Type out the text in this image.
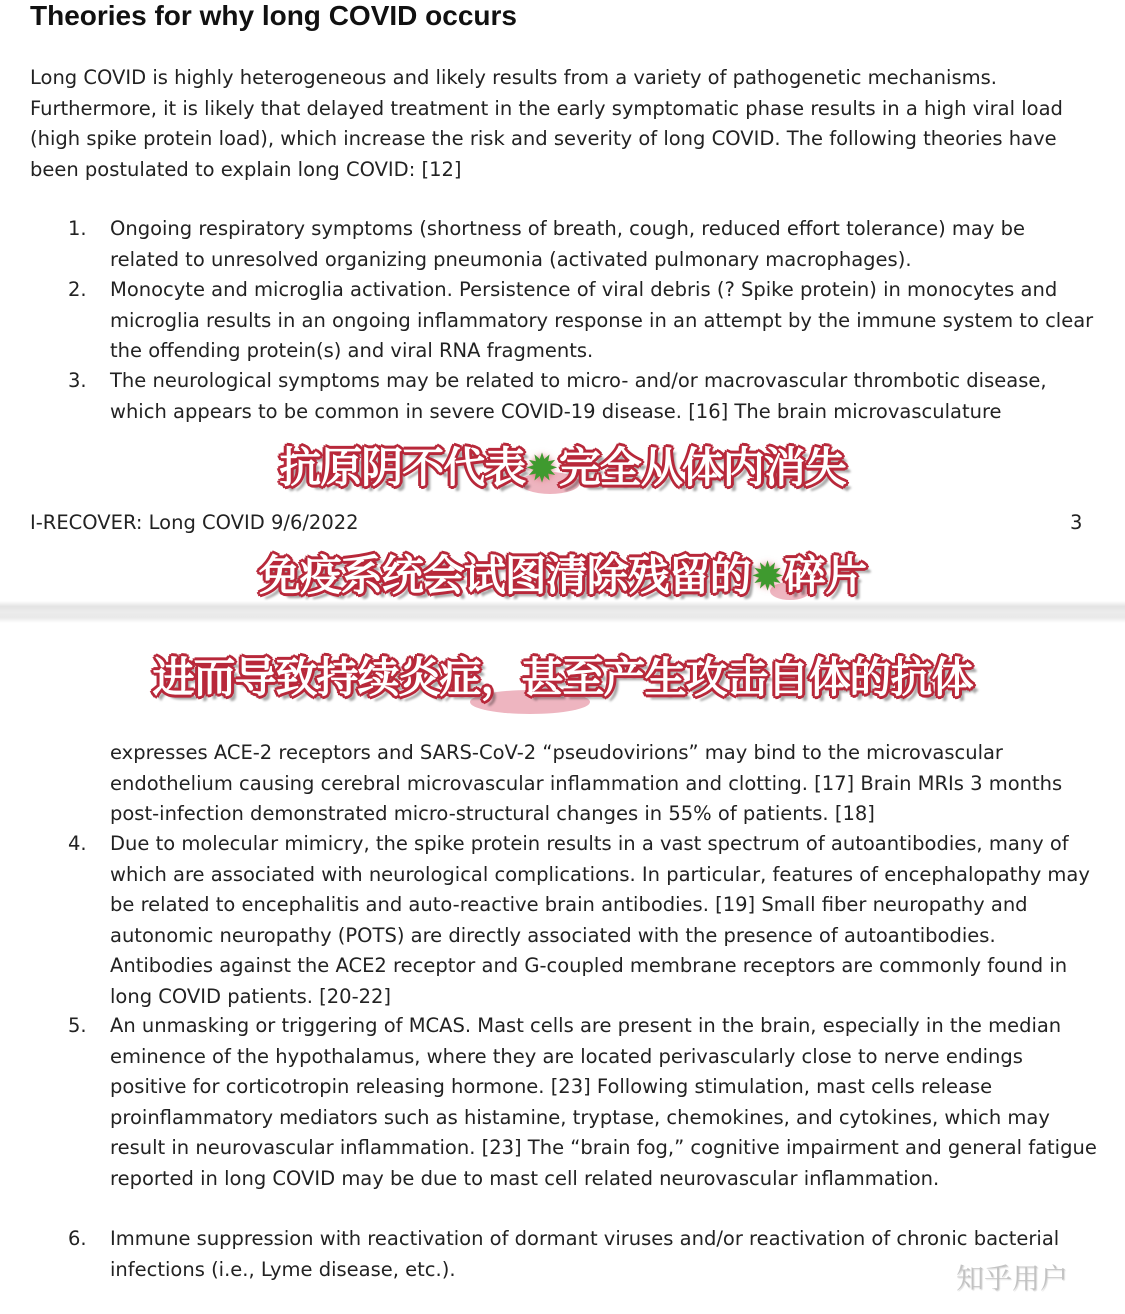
Theories for why long COVID occurs

Long COVID is highly heterogeneous and likely results from a variety of pathogenetic mechanisms. Furthermore, it is likely that delayed treatment in the early symptomatic phase results in a high viral load (high spike protein load), which increase the risk and severity of long COVID. The following theories have been postulated to explain long COVID: [12]

1. Ongoing respiratory symptoms (shortness of breath, cough, reduced effort tolerance) may be related to unresolved organizing pneumonia (activated pulmonary macrophages).
2. Monocyte and microglia activation. Persistence of viral debris (? Spike protein) in monocytes and microglia results in an ongoing inflammatory response in an attempt by the immune system to clear the offending protein(s) and viral RNA fragments.
3. The neurological symptoms may be related to micro- and/or macrovascular thrombotic disease, which appears to be common in severe COVID-19 disease. [16] The brain microvasculature
I-RECOVER: Long COVID 9/6/2022	3
expresses ACE-2 receptors and SARS-CoV-2 “pseudovirions” may bind to the microvascular endothelium causing cerebral microvascular inflammation and clotting. [17] Brain MRIs 3 months post-infection demonstrated micro-structural changes in 55% of patients. [18]
4. Due to molecular mimicry, the spike protein results in a vast spectrum of autoantibodies, many of which are associated with neurological complications. In particular, features of encephalopathy may be related to encephalitis and auto-reactive brain antibodies. [19] Small fiber neuropathy and autonomic neuropathy (POTS) are directly associated with the presence of autoantibodies. Antibodies against the ACE2 receptor and G-coupled membrane receptors are commonly found in long COVID patients. [20-22]
5. An unmasking or triggering of MCAS. Mast cells are present in the brain, especially in the median eminence of the hypothalamus, where they are located perivascularly close to nerve endings positive for corticotropin releasing hormone. [23] Following stimulation, mast cells release proinflammatory mediators such as histamine, tryptase, chemokines, and cytokines, which may result in neurovascular inflammation. [23] The “brain fog,” cognitive impairment and general fatigue reported in long COVID may be due to mast cell related neurovascular inflammation.
6. Immune suppression with reactivation of dormant viruses and/or reactivation of chronic bacterial infections (i.e., Lyme disease, etc.).
抗原阴不代表✹完全从体内消失
免疫系统会试图清除残留的✹碎片
进而导致持续炎症，甚至产生攻击自体的抗体
知乎用户
